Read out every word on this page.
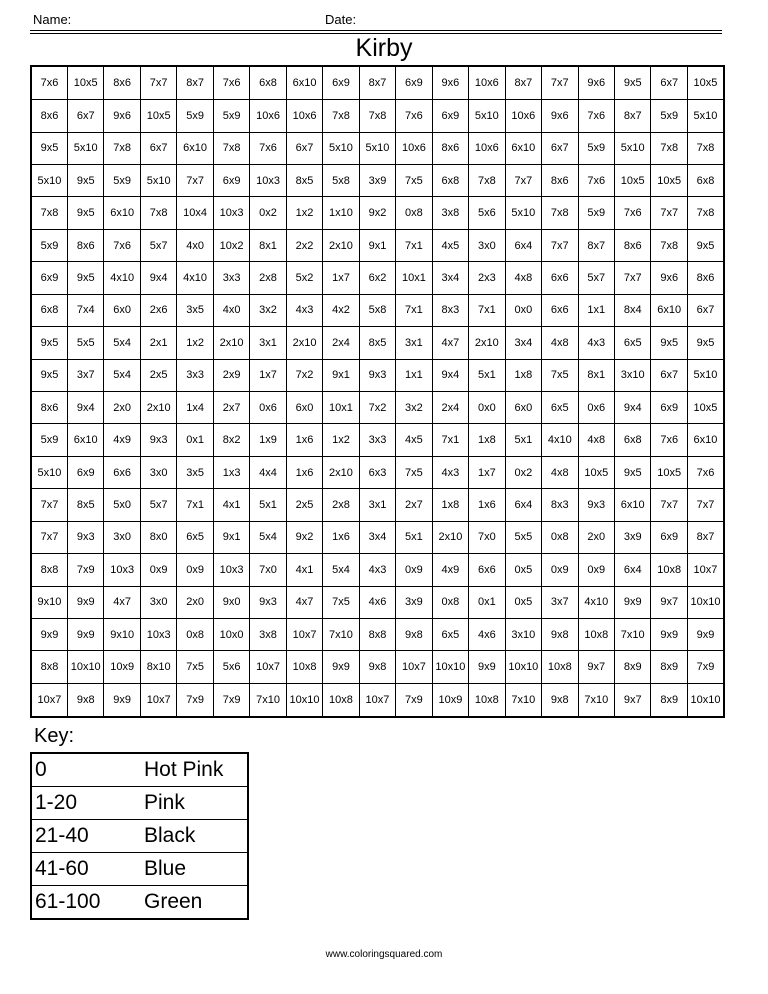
Name:	Date:
Kirby
7x6	10x5	8x6	7x7	8x7	7x6	6x8	6x10	6x9	8x7	6x9	9x6	10x6	8x7	7x7	9x6	9x5	6x7	10x5
8x6	6x7	9x6	10x5	5x9	5x9	10x6	10x6	7x8	7x8	7x6	6x9	5x10	10x6	9x6	7x6	8x7	5x9	5x10
9x5	5x10	7x8	6x7	6x10	7x8	7x6	6x7	5x10	5x10	10x6	8x6	10x6	6x10	6x7	5x9	5x10	7x8	7x8
5x10	9x5	5x9	5x10	7x7	6x9	10x3	8x5	5x8	3x9	7x5	6x8	7x8	7x7	8x6	7x6	10x5	10x5	6x8
7x8	9x5	6x10	7x8	10x4	10x3	0x2	1x2	1x10	9x2	0x8	3x8	5x6	5x10	7x8	5x9	7x6	7x7	7x8
5x9	8x6	7x6	5x7	4x0	10x2	8x1	2x2	2x10	9x1	7x1	4x5	3x0	6x4	7x7	8x7	8x6	7x8	9x5
6x9	9x5	4x10	9x4	4x10	3x3	2x8	5x2	1x7	6x2	10x1	3x4	2x3	4x8	6x6	5x7	7x7	9x6	8x6
6x8	7x4	6x0	2x6	3x5	4x0	3x2	4x3	4x2	5x8	7x1	8x3	7x1	0x0	6x6	1x1	8x4	6x10	6x7
9x5	5x5	5x4	2x1	1x2	2x10	3x1	2x10	2x4	8x5	3x1	4x7	2x10	3x4	4x8	4x3	6x5	9x5	9x5
9x5	3x7	5x4	2x5	3x3	2x9	1x7	7x2	9x1	9x3	1x1	9x4	5x1	1x8	7x5	8x1	3x10	6x7	5x10
8x6	9x4	2x0	2x10	1x4	2x7	0x6	6x0	10x1	7x2	3x2	2x4	0x0	6x0	6x5	0x6	9x4	6x9	10x5
5x9	6x10	4x9	9x3	0x1	8x2	1x9	1x6	1x2	3x3	4x5	7x1	1x8	5x1	4x10	4x8	6x8	7x6	6x10
5x10	6x9	6x6	3x0	3x5	1x3	4x4	1x6	2x10	6x3	7x5	4x3	1x7	0x2	4x8	10x5	9x5	10x5	7x6
7x7	8x5	5x0	5x7	7x1	4x1	5x1	2x5	2x8	3x1	2x7	1x8	1x6	6x4	8x3	9x3	6x10	7x7	7x7
7x7	9x3	3x0	8x0	6x5	9x1	5x4	9x2	1x6	3x4	5x1	2x10	7x0	5x5	0x8	2x0	3x9	6x9	8x7
8x8	7x9	10x3	0x9	0x9	10x3	7x0	4x1	5x4	4x3	0x9	4x9	6x6	0x5	0x9	0x9	6x4	10x8	10x7
9x10	9x9	4x7	3x0	2x0	9x0	9x3	4x7	7x5	4x6	3x9	0x8	0x1	0x5	3x7	4x10	9x9	9x7	10x10
9x9	9x9	9x10	10x3	0x8	10x0	3x8	10x7	7x10	8x8	9x8	6x5	4x6	3x10	9x8	10x8	7x10	9x9	9x9
8x8	10x10	10x9	8x10	7x5	5x6	10x7	10x8	9x9	9x8	10x7	10x10	9x9	10x10	10x8	9x7	8x9	8x9	7x9
10x7	9x8	9x9	10x7	7x9	7x9	7x10	10x10	10x8	10x7	7x9	10x9	10x8	7x10	9x8	7x10	9x7	8x9	10x10
Key:
0	Hot Pink
1-20	Pink
21-40	Black
41-60	Blue
61-100	Green
www.coloringsquared.com
